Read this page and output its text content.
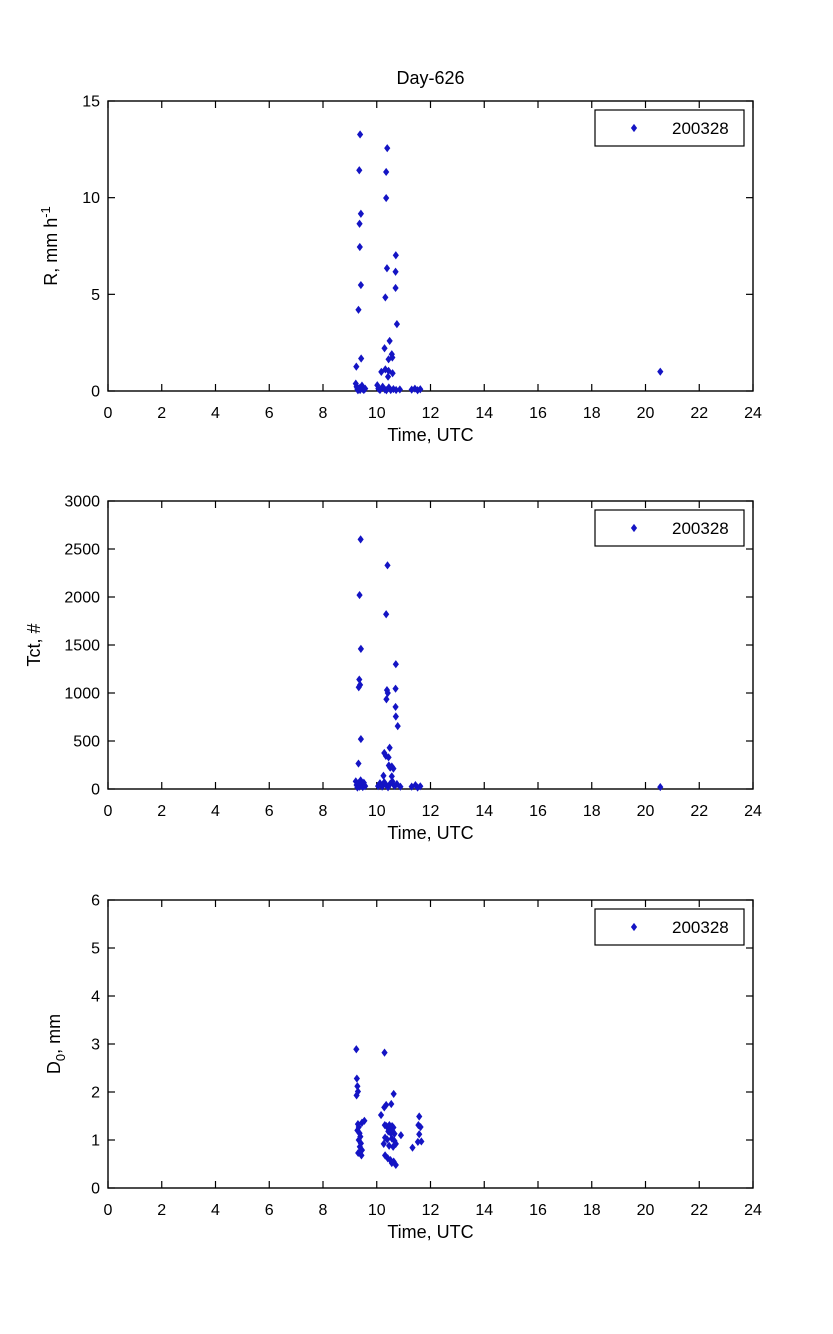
0	2	4	6	8	10 12 14 16 18 20 22 24
0
5
10
15
Time, UTC
R, mm $h^{-1}$
Day-626
200328
0	2	4	6	8	10 12 14 16 18 20 22 24
0
500
1000
1500
2000
2500
3000
Time, UTC
Tct, #
200328
0	2	4	6	8	10 12 14 16 18 20 22 24
0
1
2
3
4
5
6
Time, UTC
$D_0$, mm
200328
